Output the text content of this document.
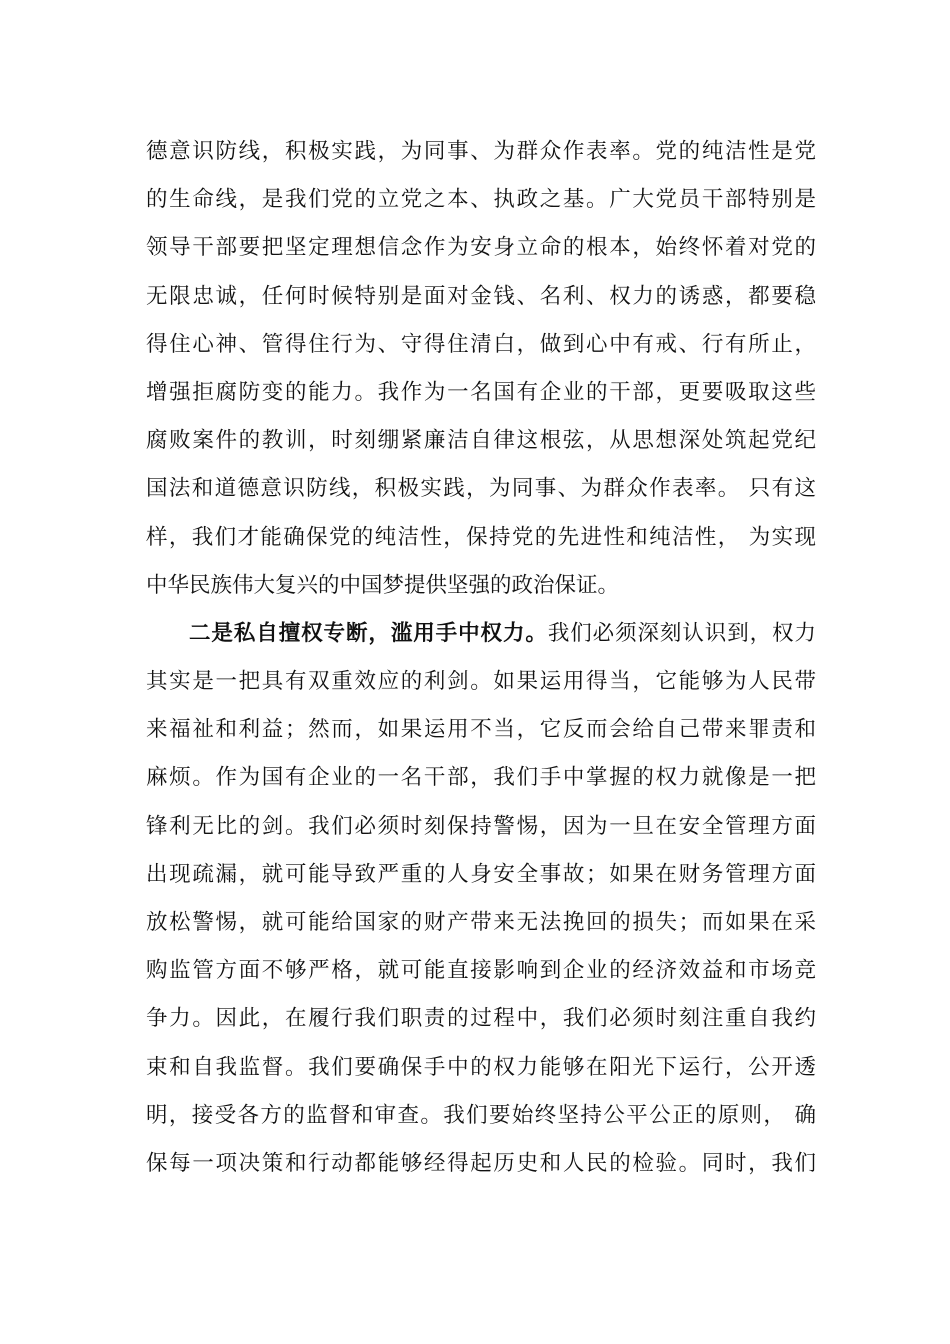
德意识防线，积极实践，为同事、为群众作表率。党的纯洁性是党
的生命线，是我们党的立党之本、执政之基。广大党员干部特别是
领导干部要把坚定理想信念作为安身立命的根本，始终怀着对党的
无限忠诚，任何时候特别是面对金钱、名利、权力的诱惑，都要稳
得住心神、管得住行为、守得住清白，做到心中有戒、行有所止，
增强拒腐防变的能力。我作为一名国有企业的干部，更要吸取这些
腐败案件的教训，时刻绷紧廉洁自律这根弦，从思想深处筑起党纪
国法和道德意识防线，积极实践，为同事、为群众作表率。 只有这
样，我们才能确保党的纯洁性，保持党的先进性和纯洁性， 为实现
中华民族伟大复兴的中国梦提供坚强的政治保证。
二是私自擅权专断，滥用手中权力。我们必须深刻认识到，权力
其实是一把具有双重效应的利剑。如果运用得当，它能够为人民带
来福祉和利益；然而，如果运用不当，它反而会给自己带来罪责和
麻烦。作为国有企业的一名干部，我们手中掌握的权力就像是一把
锋利无比的剑。我们必须时刻保持警惕，因为一旦在安全管理方面
出现疏漏，就可能导致严重的人身安全事故；如果在财务管理方面
放松警惕，就可能给国家的财产带来无法挽回的损失；而如果在采
购监管方面不够严格，就可能直接影响到企业的经济效益和市场竞
争力。因此，在履行我们职责的过程中，我们必须时刻注重自我约
束和自我监督。我们要确保手中的权力能够在阳光下运行，公开透
明，接受各方的监督和审查。我们要始终坚持公平公正的原则， 确
保每一项决策和行动都能够经得起历史和人民的检验。同时，我们
